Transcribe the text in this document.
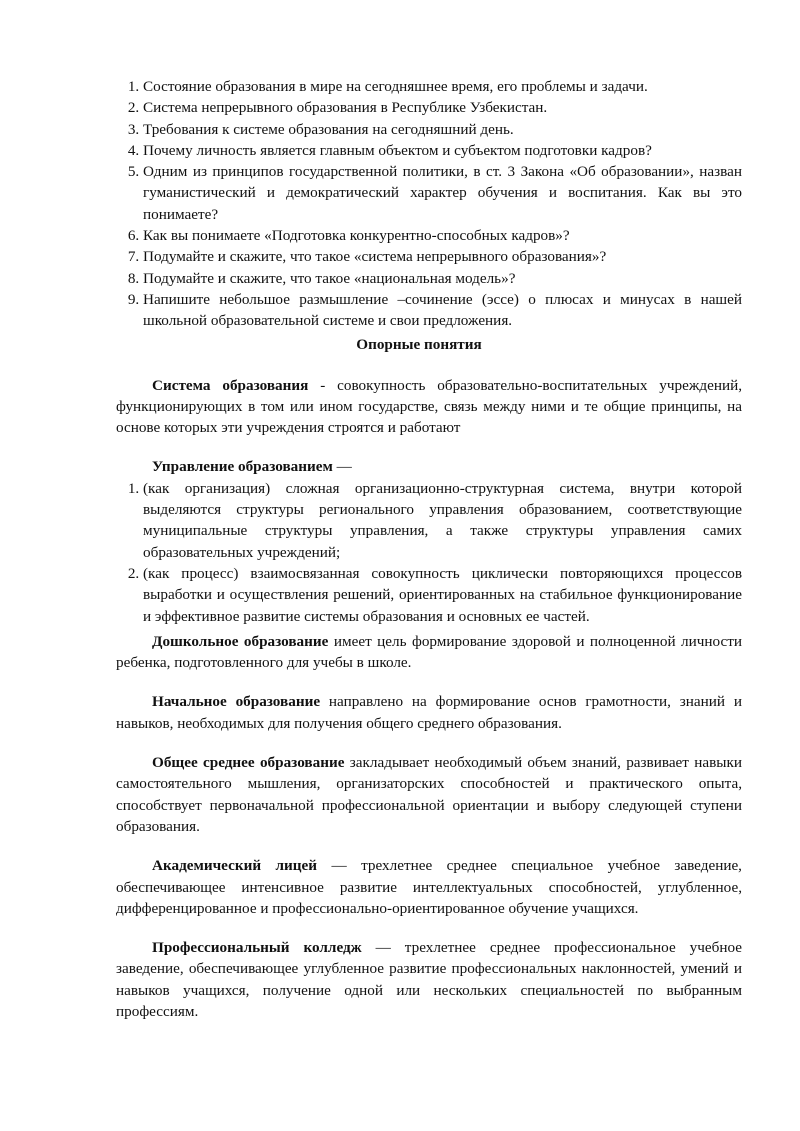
1. Состояние образования в мире на сегодняшнее время, его проблемы и задачи.
2. Система непрерывного образования в Республике Узбекистан.
3. Требования к системе образования на сегодняшний день.
4. Почему личность является главным объектом и субъектом подготовки кадров?
5. Одним из принципов государственной политики, в ст. 3 Закона «Об образовании», назван гуманистический и демократический характер обучения и воспитания. Как вы это понимаете?
6. Как вы понимаете «Подготовка конкурентно-способных кадров»?
7. Подумайте и скажите, что такое «система непрерывного образования»?
8. Подумайте и скажите, что такое «национальная модель»?
9. Напишите небольшое размышление –сочинение (эссе) о плюсах и минусах в нашей школьной образовательной системе и свои предложения.
Опорные понятия

Система образования - совокупность образовательно-воспитательных учреждений, функционирующих в том или ином государстве, связь между ними и те общие принципы, на основе которых эти учреждения строятся и работают

Управление образованием —

1. (как организация) сложная организационно-структурная система, внутри которой выделяются структуры регионального управления образованием, соответствующие муниципальные структуры управления, а также структуры управления самих образовательных учреждений;
2. (как процесс) взаимосвязанная совокупность циклически повторяющихся процессов выработки и осуществления решений, ориентированных на стабильное функционирование и эффективное развитие системы образования и основных ее частей.

Дошкольное образование имеет цель формирование здоровой и полноценной личности ребенка, подготовленного для учебы в школе.

Начальное образование направлено на формирование основ грамотности, знаний и навыков, необходимых для получения общего среднего образования.

Общее среднее образование закладывает необходимый объем знаний, развивает навыки самостоятельного мышления, организаторских способностей и практического опыта, способствует первоначальной профессиональной ориентации и выбору следующей ступени образования.

Академический лицей — трехлетнее среднее специальное учебное заведение, обеспечивающее интенсивное развитие интеллектуальных способностей, углубленное, дифференцированное и профессионально-ориентированное обучение учащихся.

Профессиональный колледж — трехлетнее среднее профессиональное учебное заведение, обеспечивающее углубленное развитие профессиональных наклонностей, умений и навыков учащихся, получение одной или нескольких специальностей по выбранным профессиям.
